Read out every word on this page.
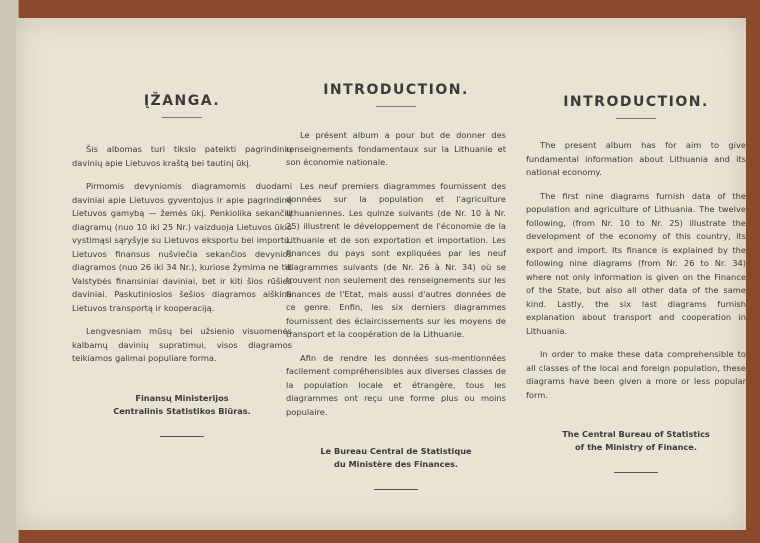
ĮŽANGA.

Šis albomas turi tikslo pateikti pagrindinių davinių apie Lietuvos kraštą bei tautinį ūkį.

Pirmomis devyniomis diagramomis duodami daviniai apie Lietuvos gyventojus ir apie pagrindinę Lietuvos gamybą — žemės ūkį. Penkiolika sekančių diagramų (nuo 10 iki 25 Nr.) vaizduoja Lietuvos ūkio vystimąsi sąryšyje su Lietuvos eksportu bei importu. Lietuvos finansus nušviečia sekančios devynios diagramos (nuo 26 iki 34 Nr.), kuriose žymima ne tik Valstybės finansiniai daviniai, bet ir kiti šios rūšies daviniai. Paskutiniosios šešios diagramos aiškina Lietuvos transportą ir kooperaciją.

Lengvesniam mūsų bei užsienio visuomenės kalbamų davinių supratimui, visos diagramos teikiamos galimai populiare forma.

Finansų Ministerijos
Centralinis Statistikos Biūras.
INTRODUCTION.

Le présent album a pour but de donner des renseignements fondamentaux sur la Lithuanie et son économie nationale.

Les neuf premiers diagrammes fournissent des données sur la population et l'agriculture lithuaniennes. Les quinze suivants (de Nr. 10 à Nr. 25) illustrent le développement de l'économie de la Lithuanie et de son exportation et importation. Les finances du pays sont expliquées par les neuf diagrammes suivants (de Nr. 26 à Nr. 34) où se trouvent non seulement des renseignements sur les finances de l'Etat, mais aussi d'autres données de ce genre. Enfin, les six derniers diagrammes fournissent des éclaircissements sur les moyens de transport et la coopération de la Lithuanie.

Afin de rendre les données sus-mentionnées facilement compréhensibles aux diverses classes de la population locale et étrangère, tous les diagrammes ont reçu une forme plus ou moins populaire.

Le Bureau Central de Statistique
du Ministère des Finances.
INTRODUCTION.

The present album has for aim to give fundamental information about Lithuania and its national economy.

The first nine diagrams furnish data of the population and agriculture of Lithuania. The twelve following, (from Nr. 10 to Nr. 25) illustrate the development of the economy of this country, its export and import. Its finance is explained by the following nine diagrams (from Nr. 26 to Nr. 34) where not only information is given on the Finance of the State, but also all other data of the same kind. Lastly, the six last diagrams furnish explanation about transport and cooperation in Lithuania.

In order to make these data comprehensible to all classes of the local and foreign population, these diagrams have been given a more or less popular form.

The Central Bureau of Statistics
of the Ministry of Finance.
